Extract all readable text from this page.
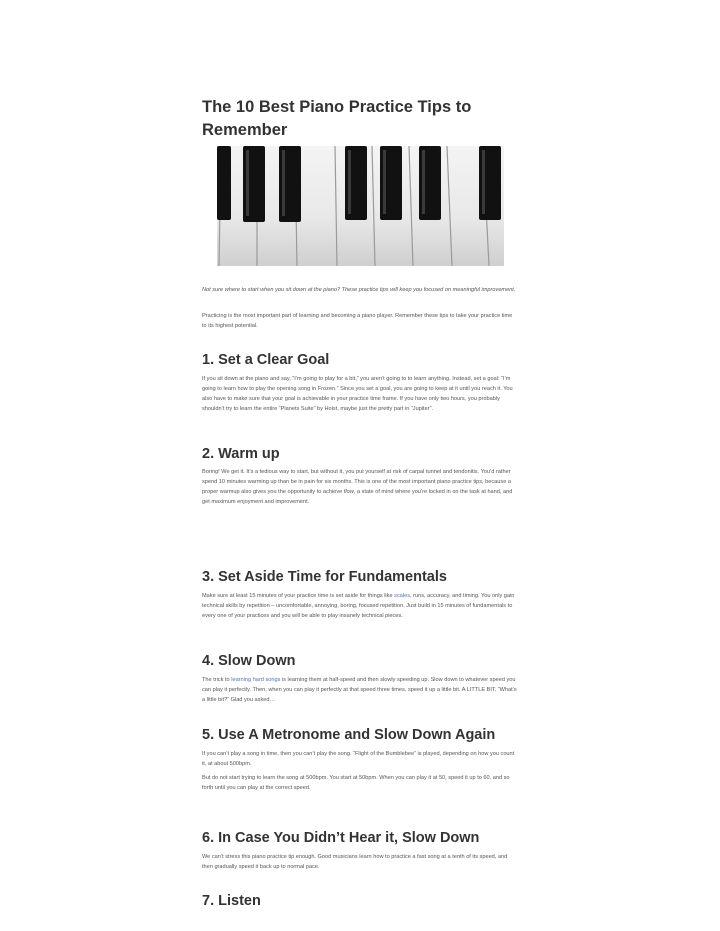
The 10 Best Piano Practice Tips to Remember

Not sure where to start when you sit down at the piano? These practice tips will keep you focused on meaningful improvement.

Practicing is the most important part of learning and becoming a piano player. Remember these tips to take your practice time to its highest potential.

1. Set a Clear Goal

If you sit down at the piano and say, “I’m going to play for a bit,” you aren’t going to to learn anything. Instead, set a goal: “I’m going to learn how to play the opening song in Frozen.” Since you set a goal, you are going to keep at it until you reach it. You also have to make sure that your goal is achievable in your practice time frame. If you have only two hours, you probably shouldn’t try to learn the entire “Planets Suite” by Holst, maybe just the pretty part in “Jupiter”.

2. Warm up

Boring! We get it. It’s a tedious way to start, but without it, you put yourself at risk of carpal tunnel and tendonitis. You’d rather spend 10 minutes warming up than be in pain for six months. This is one of the most important piano practice tips, because a proper warmup also gives you the opportunity to achieve flow, a state of mind where you’re locked in on the task at hand, and get maximum enjoyment and improvement.

3. Set Aside Time for Fundamentals

Make sure at least 15 minutes of your practice time is set aside for things like scales, runs, accuracy, and timing. You only gain technical skills by repetition – uncomfortable, annoying, boring, focused repetition. Just build in 15 minutes of fundamentals to every one of your practices and you will be able to play insanely technical pieces.

4. Slow Down

The trick to learning hard songs is learning them at half-speed and then slowly speeding up. Slow down to whatever speed you can play it perfectly. Then, when you can play it perfectly at that speed three times, speed it up a little bit. A LITTLE BIT. “What’s a little bit?” Glad you asked…

5. Use A Metronome and Slow Down Again

If you can’t play a song in time, then you can’t play the song. “Flight of the Bumblebee” is played, depending on how you count it, at about 500bpm.

But do not start trying to learn the song at 500bpm. You start at 50bpm. When you can play it at 50, speed it up to 60, and so forth until you can play at the correct speed.

6. In Case You Didn’t Hear it, Slow Down

We can’t stress this piano practice tip enough. Good musicians learn how to practice a fast song at a tenth of its speed, and then gradually speed it back up to normal pace.

7. Listen
